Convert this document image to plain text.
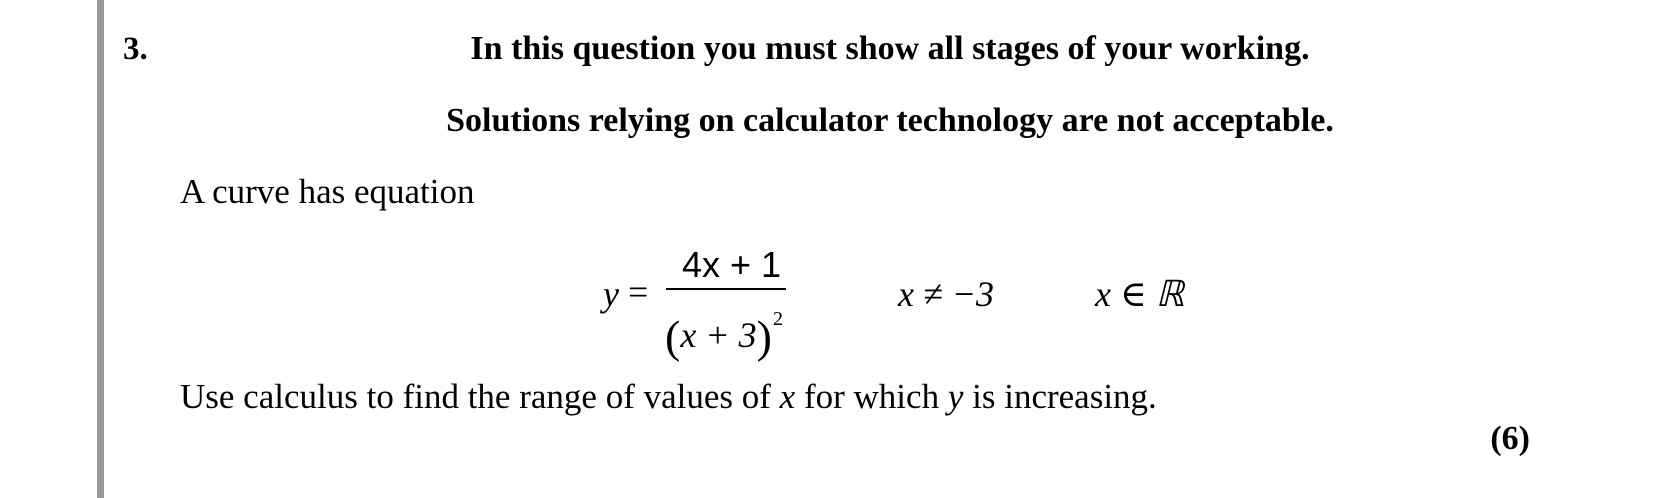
3.	In this question you must show all stages of your working.
Solutions relying on calculator technology are not acceptable.
A curve has equation
y =
4x + 1
$(x + 3)^2$
x ≠ −3	x ∈ ℝ
Use calculus to find the range of values of x for which y is increasing.
(6)
